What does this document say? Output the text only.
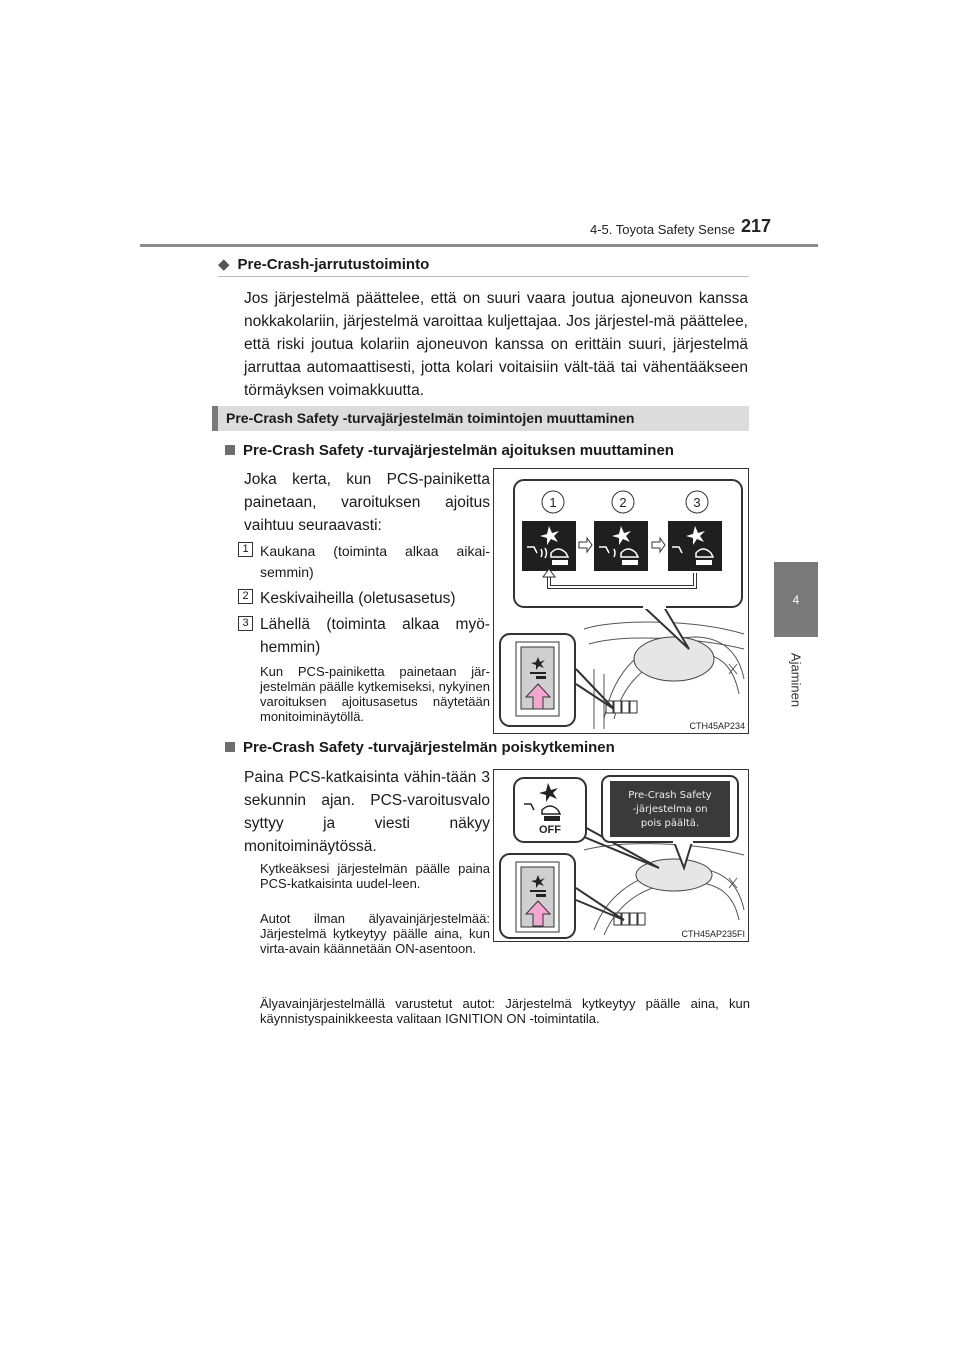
4-5. Toyota Safety Sense 217
4
Ajaminen
◆ Pre-Crash-jarrutustoiminto
Jos järjestelmä päättelee, että on suuri vaara joutua ajoneuvon kanssa nokkakolariin, järjestelmä varoittaa kuljettajaa. Jos järjestel-mä päättelee, että riski joutua kolariin ajoneuvon kanssa on erittäin suuri, järjestelmä jarruttaa automaattisesti, jotta kolari voitaisiin vält-tää tai vähentääkseen törmäyksen voimakkuutta.
Pre-Crash Safety -turvajärjestelmän toimintojen muuttaminen
Pre-Crash Safety -turvajärjestelmän ajoituksen muuttaminen
Joka kerta, kun PCS-painiketta painetaan, varoituksen ajoitus vaihtuu seuraavasti:
1 Kaukana (toiminta alkaa aikai-semmin)
2 Keskivaiheilla (oletusasetus)
3 Lähellä (toiminta alkaa myö-hemmin)
Kun PCS-painiketta painetaan jär-jestelmän päälle kytkemiseksi, nykyinen varoituksen ajoitusasetus näytetään monitoiminäytöllä.
1	2	3
CTH45AP234
Pre-Crash Safety -turvajärjestelmän poiskytkeminen
Paina PCS-katkaisinta vähin-tään 3 sekunnin ajan. PCS-varoitusvalo syttyy ja viesti näkyy monitoiminäytössä.
Kytkeäksesi järjestelmän päälle paina PCS-katkaisinta uudel-leen.
Autot ilman älyavainjärjestelmää: Järjestelmä kytkeytyy päälle aina, kun virta-avain käännetään ON-asentoon.
Älyavainjärjestelmällä varustetut autot: Järjestelmä kytkeytyy päälle aina, kun käynnistyspainikkeesta valitaan IGNITION ON -toimintatila.
OFF
Pre-Crash Safety
-järjestelma on
pois päältä.
CTH45AP235FI
